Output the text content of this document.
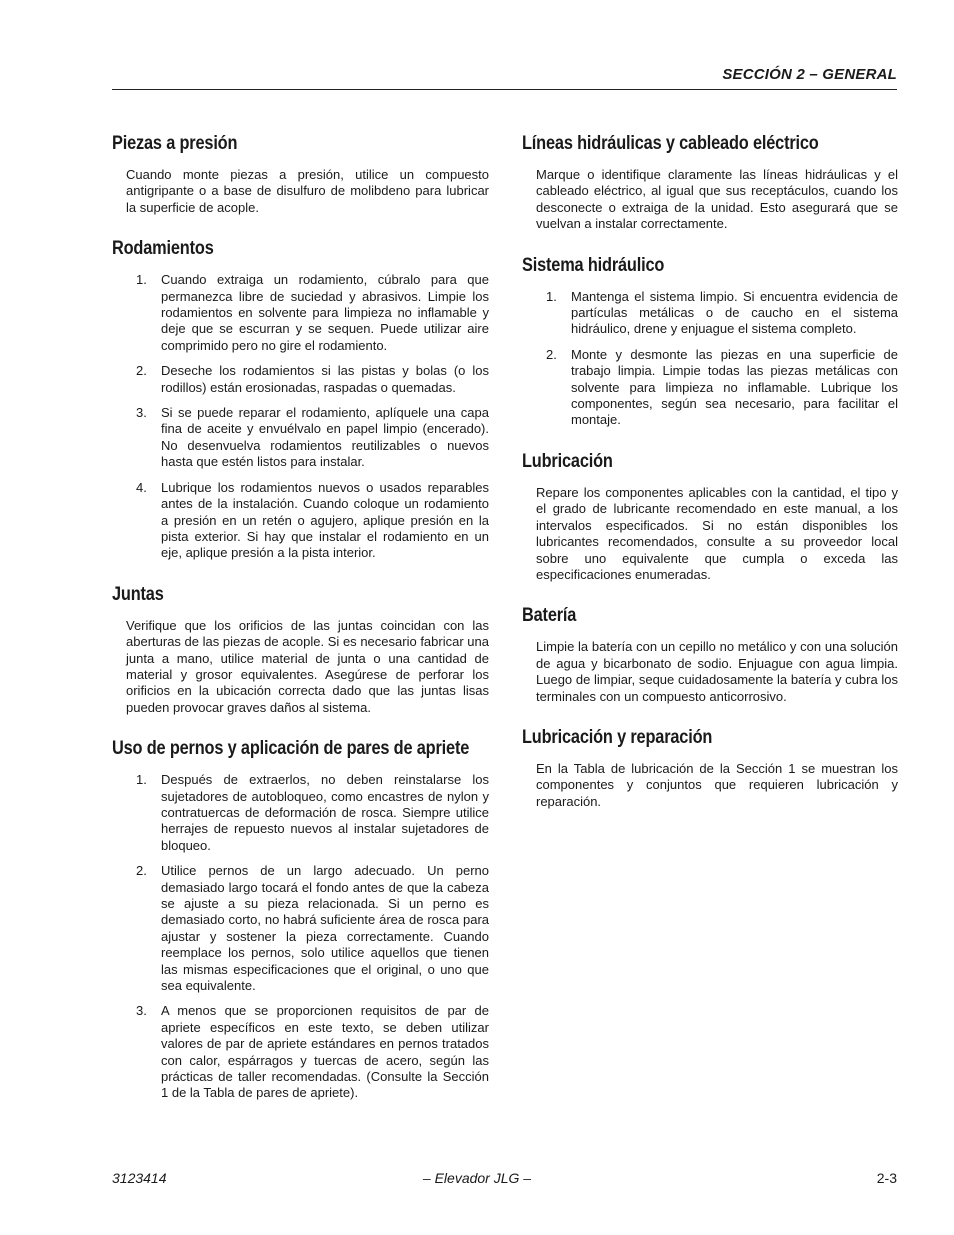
SECCIÓN 2 – GENERAL
Piezas a presión

Cuando monte piezas a presión, utilice un compuesto antigripante o a base de disulfuro de molibdeno para lubricar la superficie de acople.

Rodamientos
1. Cuando extraiga un rodamiento, cúbralo para que permanezca libre de suciedad y abrasivos. Limpie los rodamientos en solvente para limpieza no inflamable y deje que se escurran y se sequen. Puede utilizar aire comprimido pero no gire el rodamiento.
2. Deseche los rodamientos si las pistas y bolas (o los rodillos) están erosionadas, raspadas o quemadas.
3. Si se puede reparar el rodamiento, aplíquele una capa fina de aceite y envuélvalo en papel limpio (encerado). No desenvuelva rodamientos reutilizables o nuevos hasta que estén listos para instalar.
4. Lubrique los rodamientos nuevos o usados reparables antes de la instalación. Cuando coloque un rodamiento a presión en un retén o agujero, aplique presión en la pista exterior. Si hay que instalar el rodamiento en un eje, aplique presión a la pista interior.
Juntas

Verifique que los orificios de las juntas coincidan con las aberturas de las piezas de acople. Si es necesario fabricar una junta a mano, utilice material de junta o una cantidad de material y grosor equivalentes. Asegúrese de perforar los orificios en la ubicación correcta dado que las juntas lisas pueden provocar graves daños al sistema.

Uso de pernos y aplicación de pares de apriete
1. Después de extraerlos, no deben reinstalarse los sujetadores de autobloqueo, como encastres de nylon y contratuercas de deformación de rosca. Siempre utilice herrajes de repuesto nuevos al instalar sujetadores de bloqueo.
2. Utilice pernos de un largo adecuado. Un perno demasiado largo tocará el fondo antes de que la cabeza se ajuste a su pieza relacionada. Si un perno es demasiado corto, no habrá suficiente área de rosca para ajustar y sostener la pieza correctamente. Cuando reemplace los pernos, solo utilice aquellos que tienen las mismas especificaciones que el original, o uno que sea equivalente.
3. A menos que se proporcionen requisitos de par de apriete específicos en este texto, se deben utilizar valores de par de apriete estándares en pernos tratados con calor, espárragos y tuercas de acero, según las prácticas de taller recomendadas. (Consulte la Sección 1 de la Tabla de pares de apriete).
Líneas hidráulicas y cableado eléctrico

Marque o identifique claramente las líneas hidráulicas y el cableado eléctrico, al igual que sus receptáculos, cuando los desconecte o extraiga de la unidad. Esto asegurará que se vuelvan a instalar correctamente.

Sistema hidráulico
1. Mantenga el sistema limpio. Si encuentra evidencia de partículas metálicas o de caucho en el sistema hidráulico, drene y enjuague el sistema completo.
2. Monte y desmonte las piezas en una superficie de trabajo limpia. Limpie todas las piezas metálicas con solvente para limpieza no inflamable. Lubrique los componentes, según sea necesario, para facilitar el montaje.
Lubricación

Repare los componentes aplicables con la cantidad, el tipo y el grado de lubricante recomendado en este manual, a los intervalos especificados. Si no están disponibles los lubricantes recomendados, consulte a su proveedor local sobre uno equivalente que cumpla o exceda las especificaciones enumeradas.

Batería

Limpie la batería con un cepillo no metálico y con una solución de agua y bicarbonato de sodio. Enjuague con agua limpia. Luego de limpiar, seque cuidadosamente la batería y cubra los terminales con un compuesto anticorrosivo.

Lubricación y reparación

En la Tabla de lubricación de la Sección 1 se muestran los componentes y conjuntos que requieren lubricación y reparación.

3123414	– Elevador JLG –	2-3
